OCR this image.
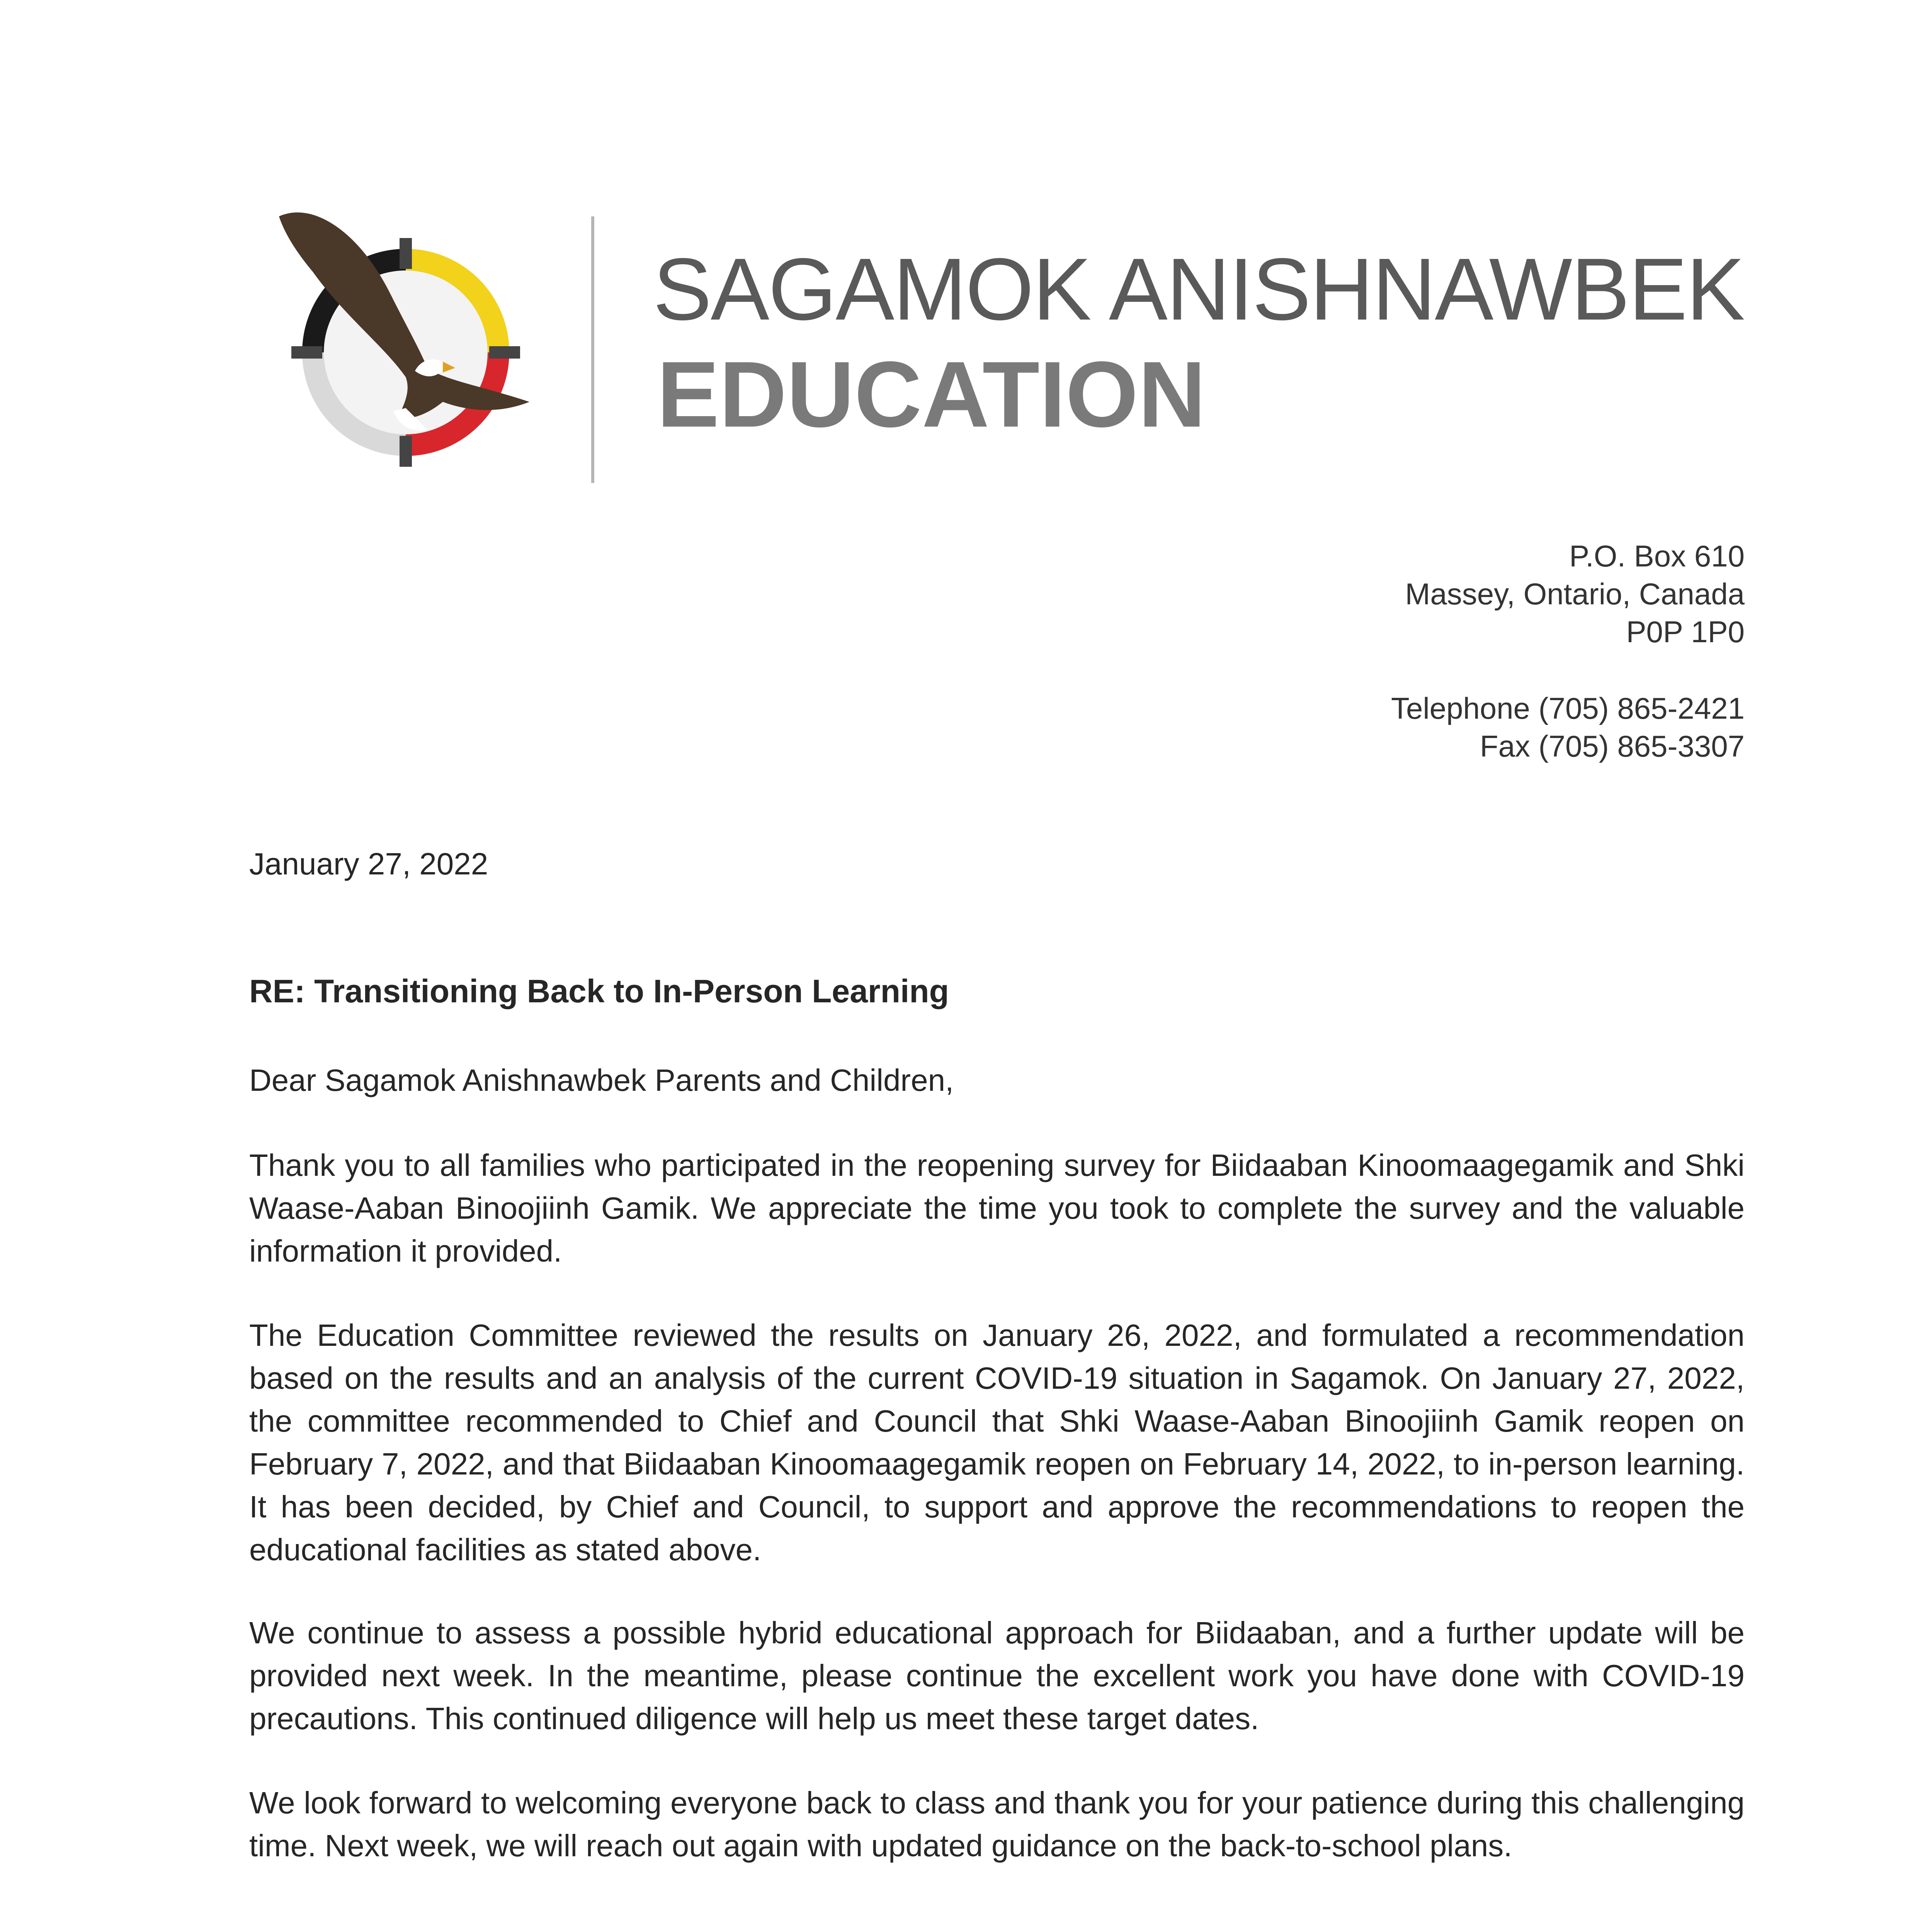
SAGAMOK ANISHNAWBEK
EDUCATION
P.O. Box 610
Massey, Ontario, Canada
P0P 1P0
Telephone (705) 865-2421
Fax (705) 865-3307
January 27, 2022
RE: Transitioning Back to In-Person Learning
Dear Sagamok Anishnawbek Parents and Children,
Thank you to all families who participated in the reopening survey for Biidaaban Kinoomaagegamik and Shki Waase-Aaban Binoojiinh Gamik. We appreciate the time you took to complete the survey and the valuable information it provided.
The Education Committee reviewed the results on January 26, 2022, and formulated a recommendation based on the results and an analysis of the current COVID-19 situation in Sagamok. On January 27, 2022, the committee recommended to Chief and Council that Shki Waase-Aaban Binoojiinh Gamik reopen on February 7, 2022, and that Biidaaban Kinoomaagegamik reopen on February 14, 2022, to in-person learning. It has been decided, by Chief and Council, to support and approve the recommendations to reopen the educational facilities as stated above.
We continue to assess a possible hybrid educational approach for Biidaaban, and a further update will be provided next week. In the meantime, please continue the excellent work you have done with COVID-19 precautions. This continued diligence will help us meet these target dates.
We look forward to welcoming everyone back to class and thank you for your patience during this challenging time. Next week, we will reach out again with updated guidance on the back-to-school plans.
